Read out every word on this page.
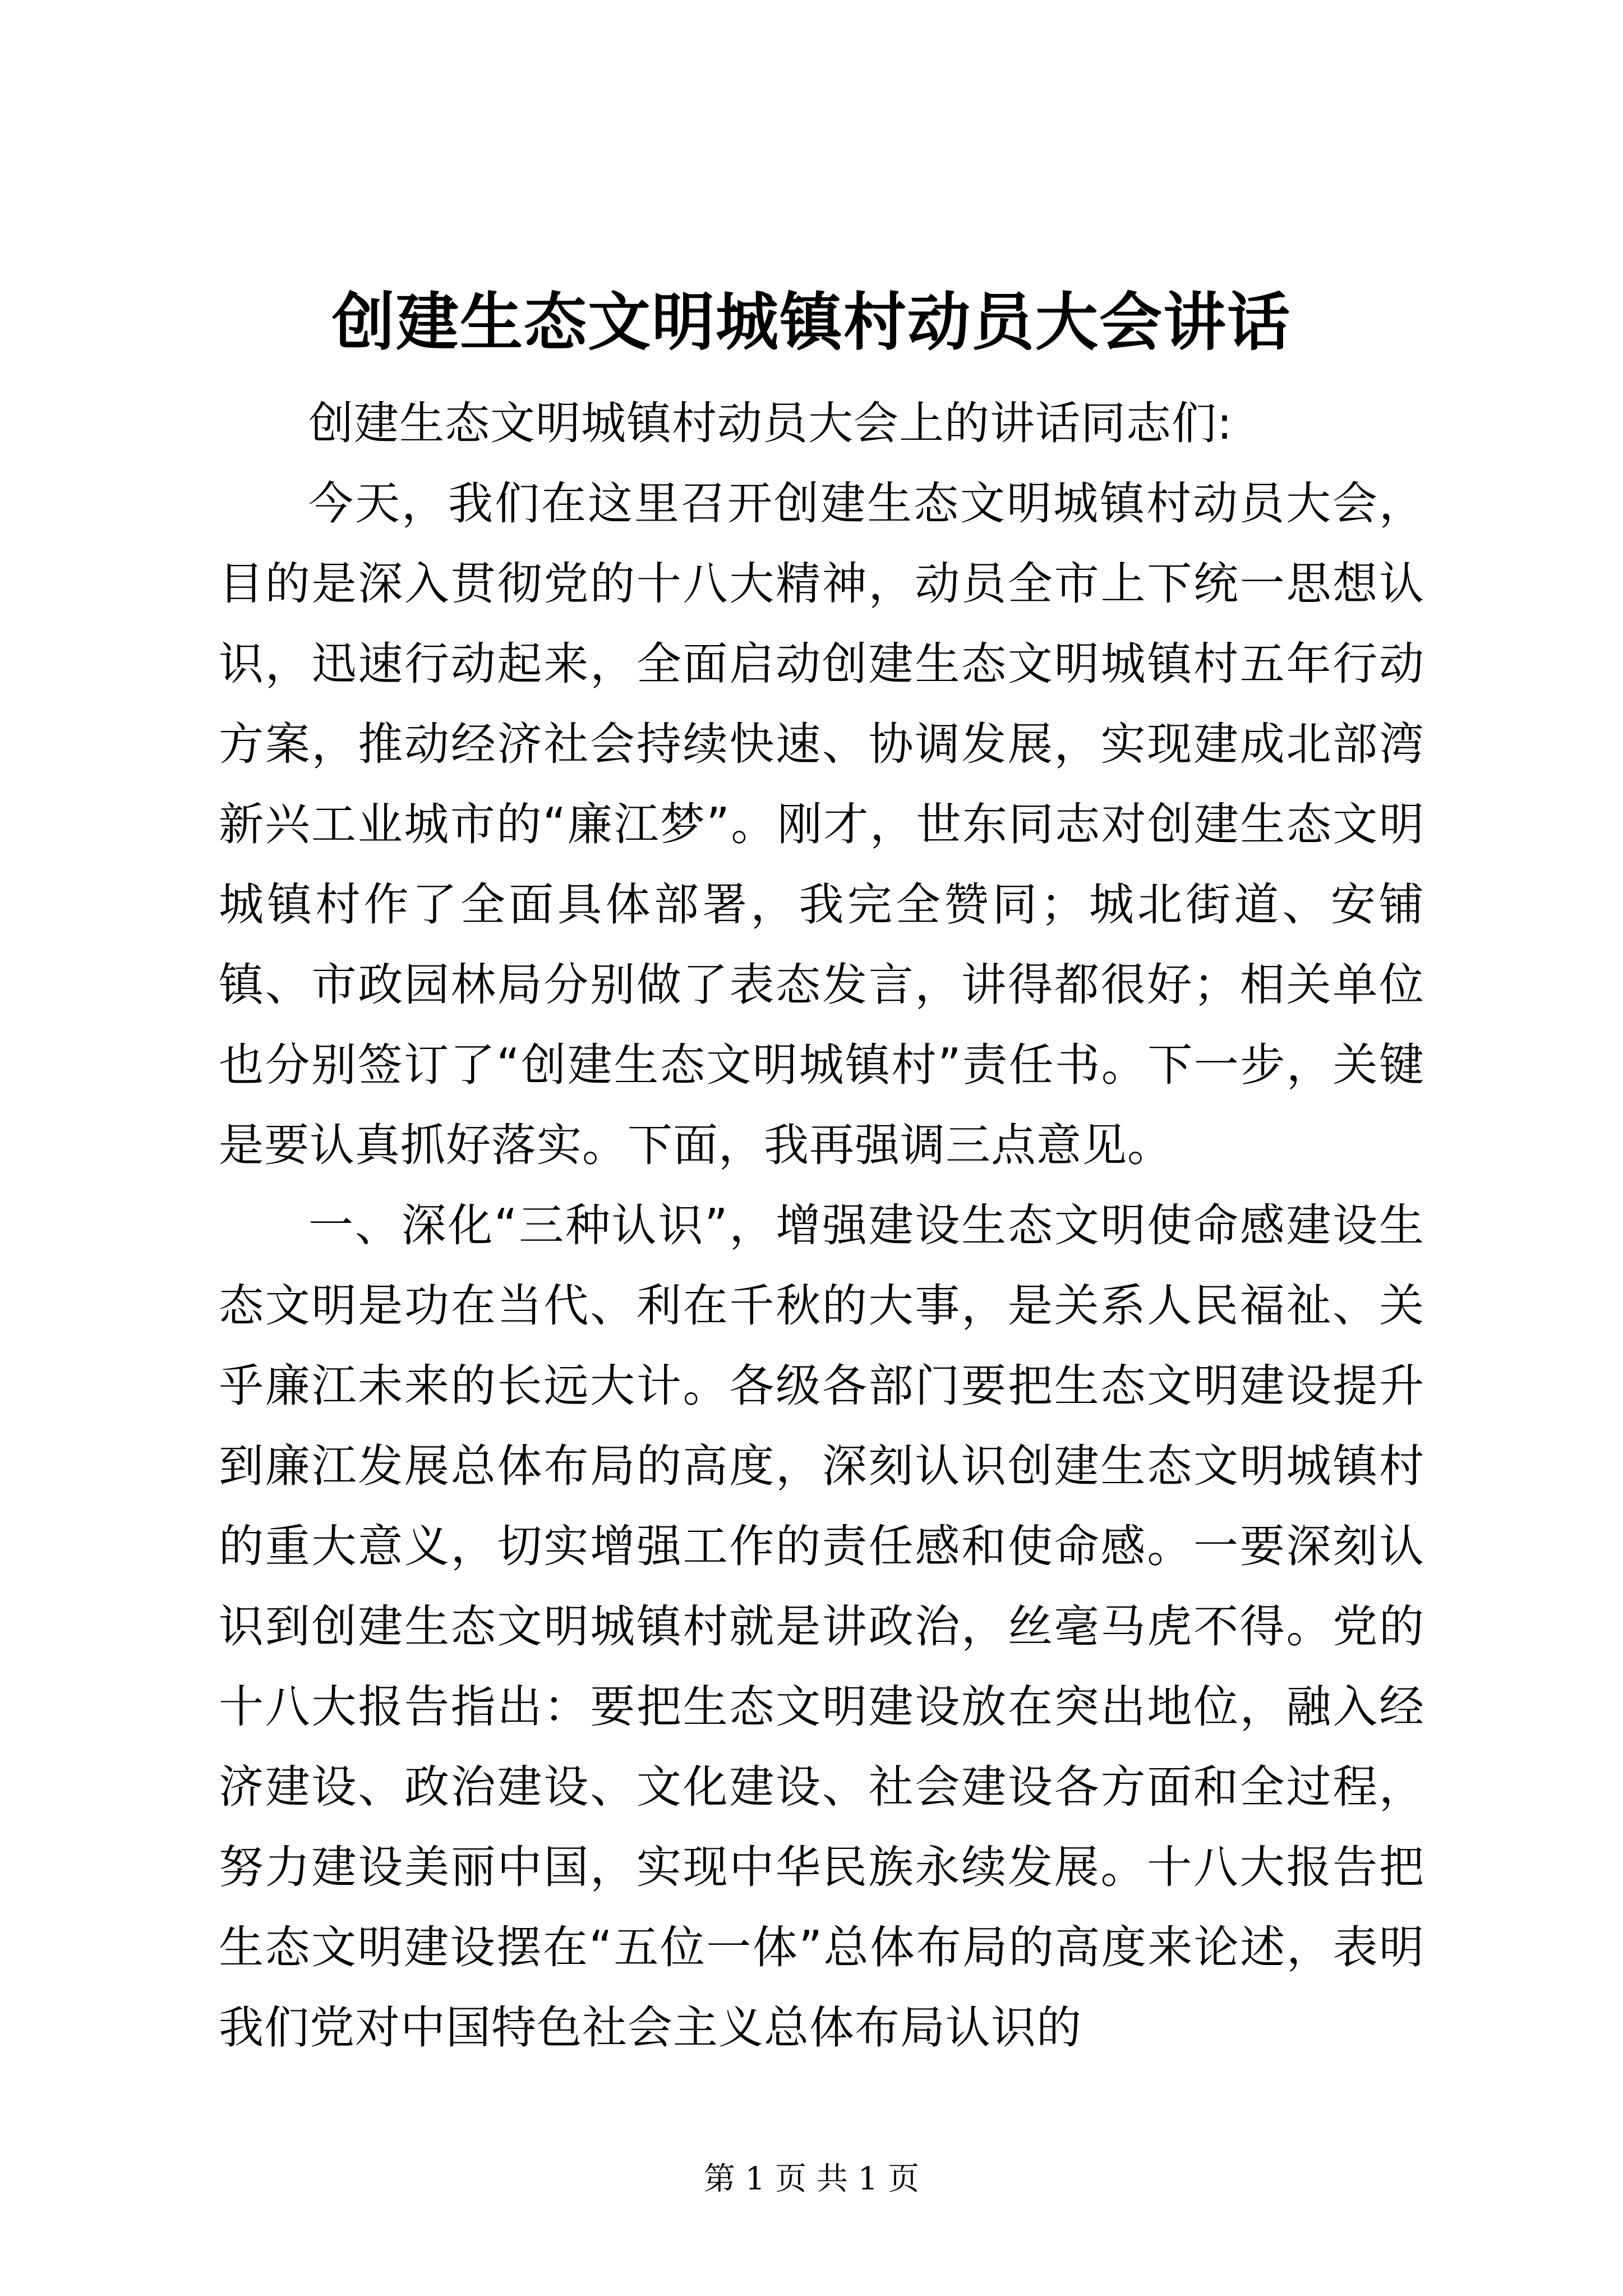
创建生态文明城镇村动员大会讲话

创建生态文明城镇村动员大会上的讲话同志们:

今天，我们在这里召开创建生态文明城镇村动员大会，目的是深入贯彻党的十八大精神，动员全市上下统一思想认识，迅速行动起来，全面启动创建生态文明城镇村五年行动方案，推动经济社会持续快速、协调发展，实现建成北部湾新兴工业城市的“廉江梦”。刚才，世东同志对创建生态文明城镇村作了全面具体部署，我完全赞同；城北街道、安铺镇、市政园林局分别做了表态发言，讲得都很好；相关单位也分别签订了“创建生态文明城镇村”责任书。下一步，关键是要认真抓好落实。下面，我再强调三点意见。

一、深化“三种认识”，增强建设生态文明使命感建设生态文明是功在当代、利在千秋的大事，是关系人民福祉、关乎廉江未来的长远大计。各级各部门要把生态文明建设提升到廉江发展总体布局的高度，深刻认识创建生态文明城镇村的重大意义，切实增强工作的责任感和使命感。一要深刻认识到创建生态文明城镇村就是讲政治，丝毫马虎不得。党的十八大报告指出：要把生态文明建设放在突出地位，融入经济建设、政治建设、文化建设、社会建设各方面和全过程，努力建设美丽中国，实现中华民族永续发展。十八大报告把生态文明建设摆在“五位一体”总体布局的高度来论述，表明我们党对中国特色社会主义总体布局认识的

第 1 页 共 1 页
